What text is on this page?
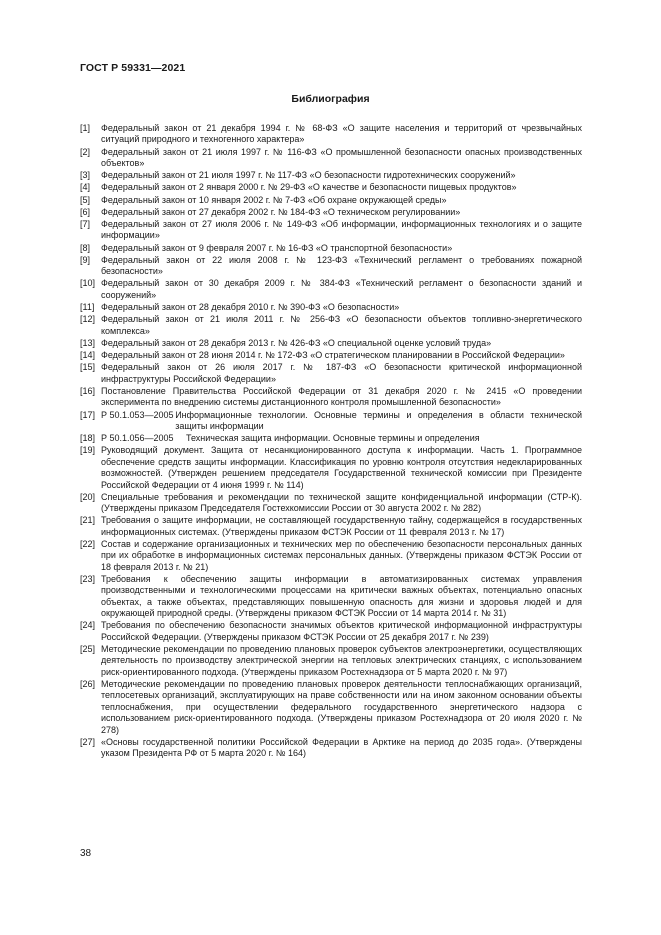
ГОСТ Р 59331—2021
Библиография
[1]	Федеральный закон от 21 декабря 1994 г. № 68-ФЗ «О защите населения и территорий от чрезвычайных ситуаций природного и техногенного характера»
[2]	Федеральный закон от 21 июля 1997 г. № 116-ФЗ «О промышленной безопасности опасных производственных объектов»
[3]	Федеральный закон от 21 июля 1997 г. № 117-ФЗ «О безопасности гидротехнических сооружений»
[4]	Федеральный закон от 2 января 2000 г. № 29-ФЗ «О качестве и безопасности пищевых продуктов»
[5]	Федеральный закон от 10 января 2002 г. № 7-ФЗ «Об охране окружающей среды»
[6]	Федеральный закон от 27 декабря 2002 г. № 184-ФЗ «О техническом регулировании»
[7]	Федеральный закон от 27 июля 2006 г. № 149-ФЗ «Об информации, информационных технологиях и о защите информации»
[8]	Федеральный закон от 9 февраля 2007 г. № 16-ФЗ «О транспортной безопасности»
[9]	Федеральный закон от 22 июля 2008 г. № 123-ФЗ «Технический регламент о требованиях пожарной безопасности»
[10] Федеральный закон от 30 декабря 2009 г. № 384-ФЗ «Технический регламент о безопасности зданий и сооружений»
[11] Федеральный закон от 28 декабря 2010 г. № 390-ФЗ «О безопасности»
[12] Федеральный закон от 21 июля 2011 г. № 256-ФЗ «О безопасности объектов топливно-энергетического комплекса»
[13] Федеральный закон от 28 декабря 2013 г. № 426-ФЗ «О специальной оценке условий труда»
[14] Федеральный закон от 28 июня 2014 г. № 172-ФЗ «О стратегическом планировании в Российской Федерации»
[15] Федеральный закон от 26 июля 2017 г. № 187-ФЗ «О безопасности критической информационной инфраструктуры Российской Федерации»
[16] Постановление Правительства Российской Федерации от 31 декабря 2020 г. № 2415 «О проведении эксперимента по внедрению системы дистанционного контроля промышленной безопасности»
[17] Р 50.1.053—2005 Информационные технологии. Основные термины и определения в области технической защиты информации
[18] Р 50.1.056—2005	Техническая защита информации. Основные термины и определения
[19] Руководящий документ. Защита от несанкционированного доступа к информации. Часть 1. Программное обеспечение средств защиты информации. Классификация по уровню контроля отсутствия недекларированных возможностей. (Утвержден решением председателя Государственной технической комиссии при Президенте Российской Федерации от 4 июня 1999 г. № 114)
[20] Специальные требования и рекомендации по технической защите конфиденциальной информации (СТР-К). (Утверждены приказом Председателя Гостехкомиссии России от 30 августа 2002 г. № 282)
[21] Требования о защите информации, не составляющей государственную тайну, содержащейся в государственных информационных системах. (Утверждены приказом ФСТЭК России от 11 февраля 2013 г. № 17)
[22] Состав и содержание организационных и технических мер по обеспечению безопасности персональных данных при их обработке в информационных системах персональных данных. (Утверждены приказом ФСТЭК России от 18 февраля 2013 г. № 21)
[23] Требования к обеспечению защиты информации в автоматизированных системах управления производственными и технологическими процессами на критически важных объектах, потенциально опасных объектах, а также объектах, представляющих повышенную опасность для жизни и здоровья людей и для окружающей природной среды. (Утверждены приказом ФСТЭК России от 14 марта 2014 г. № 31)
[24] Требования по обеспечению безопасности значимых объектов критической информационной инфраструктуры Российской Федерации. (Утверждены приказом ФСТЭК России от 25 декабря 2017 г. № 239)
[25] Методические рекомендации по проведению плановых проверок субъектов электроэнергетики, осуществляющих деятельность по производству электрической энергии на тепловых электрических станциях, с использованием риск-ориентированного подхода. (Утверждены приказом Ростехнадзора от 5 марта 2020 г. № 97)
[26] Методические рекомендации по проведению плановых проверок деятельности теплоснабжающих организаций, теплосетевых организаций, эксплуатирующих на праве собственности или на ином законном основании объекты теплоснабжения, при осуществлении федерального государственного энергетического надзора с использованием риск-ориентированного подхода. (Утверждены приказом Ростехнадзора от 20 июля 2020 г. № 278)
[27] «Основы государственной политики Российской Федерации в Арктике на период до 2035 года». (Утверждены указом Президента РФ от 5 марта 2020 г. № 164)
38
